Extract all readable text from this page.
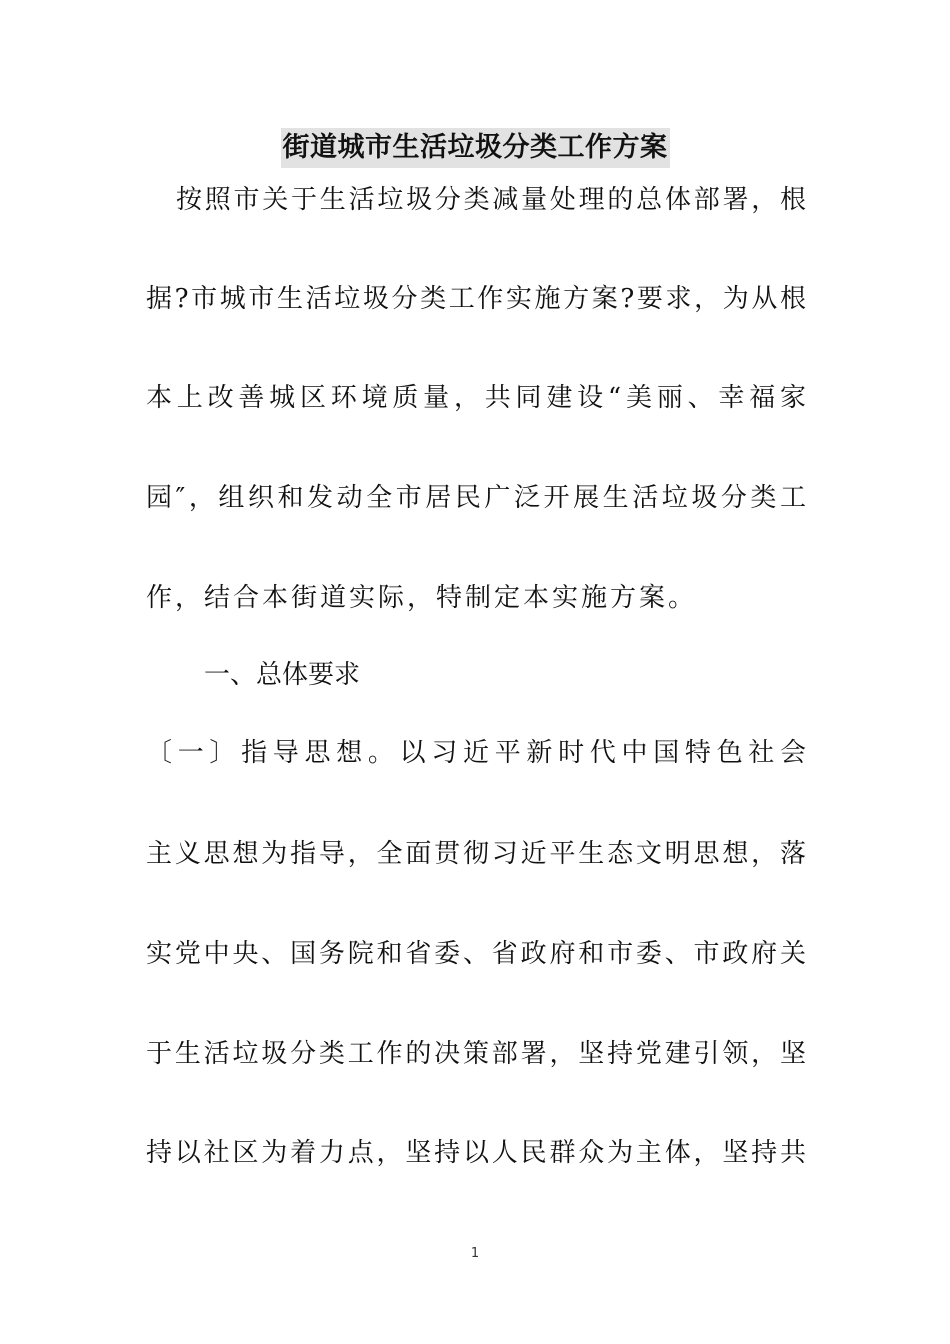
街道城市生活垃圾分类工作方案
按照市关于生活垃圾分类减量处理的总体部署，根
据?市城市生活垃圾分类工作实施方案?要求，为从根
本上改善城区环境质量，共同建设“美丽、幸福家
园″，组织和发动全市居民广泛开展生活垃圾分类工
作，结合本街道实际，特制定本实施方案。
一、总体要求
〔一〕指导思想。以习近平新时代中国特色社会
主义思想为指导，全面贯彻习近平生态文明思想，落
实党中央、国务院和省委、省政府和市委、市政府关
于生活垃圾分类工作的决策部署，坚持党建引领，坚
持以社区为着力点，坚持以人民群众为主体，坚持共
1
